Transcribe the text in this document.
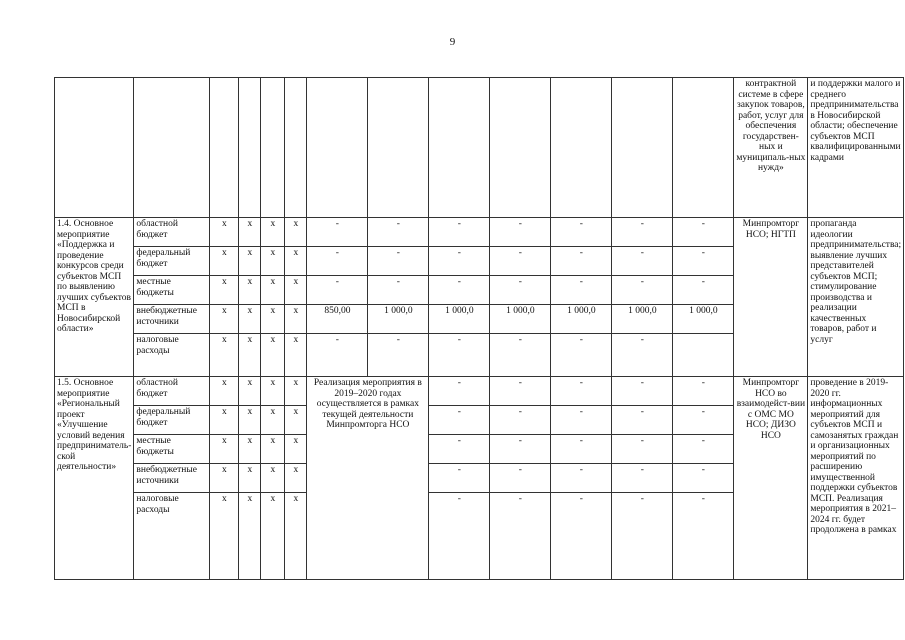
9
													контрактной системе в сфере закупок товаров, работ, услуг для обеспечения государствен-ных и муниципаль-ных нужд»	и поддержки малого и среднего предпринимательства в Новосибирской области; обеспечение субъектов МСП квалифицированными кадрами
1.4. Основное мероприятие «Поддержка и проведение конкурсов среди субъектов МСП по выявлению лучших субъектов МСП в Новосибирской области»	областной бюджет	x	x	x	x	-	-	-	-	-	-	-	Минпромторг НСО; НГТП	пропаганда идеологии предпринимательства; выявление лучших представителей субъектов МСП; стимулирование производства и реализации качественных товаров, работ и услуг
	федеральный бюджет	x	x	x	x	-	-	-	-	-	-	-		
	местные бюджеты	x	x	x	x	-	-	-	-	-	-	-		
	внебюджетные источники	x	x	x	x	850,00	1 000,0	1 000,0	1 000,0	1 000,0	1 000,0	1 000,0		
	налоговые расходы	x	x	x	x	-	-	-	-	-	-			
1.5. Основное мероприятие «Региональный проект «Улучшение условий ведения предприниматель-ской деятельности»	областной бюджет	x	x	x	x	Реализация мероприятия в 2019–2020 годах осуществляется в рамках текущей деятельности Минпромторга НСО		-	-	-	-	-	Минпромторг НСО во взаимодейст-вии с ОМС МО НСО; ДИЗО НСО	проведение в 2019-2020 гг. информационных мероприятий для субъектов МСП и самозанятых граждан и организационных мероприятий по расширению имущественной поддержки субъектов МСП. Реализация мероприятия в 2021–2024 гг. будет продолжена в рамках
	федеральный бюджет	x	x	x	x			-	-	-	-	-		
	местные бюджеты	x	x	x	x			-	-	-	-	-		
	внебюджетные источники	x	x	x	x			-	-	-	-	-		
	налоговые расходы	x	x	x	x			-	-	-	-	-		
